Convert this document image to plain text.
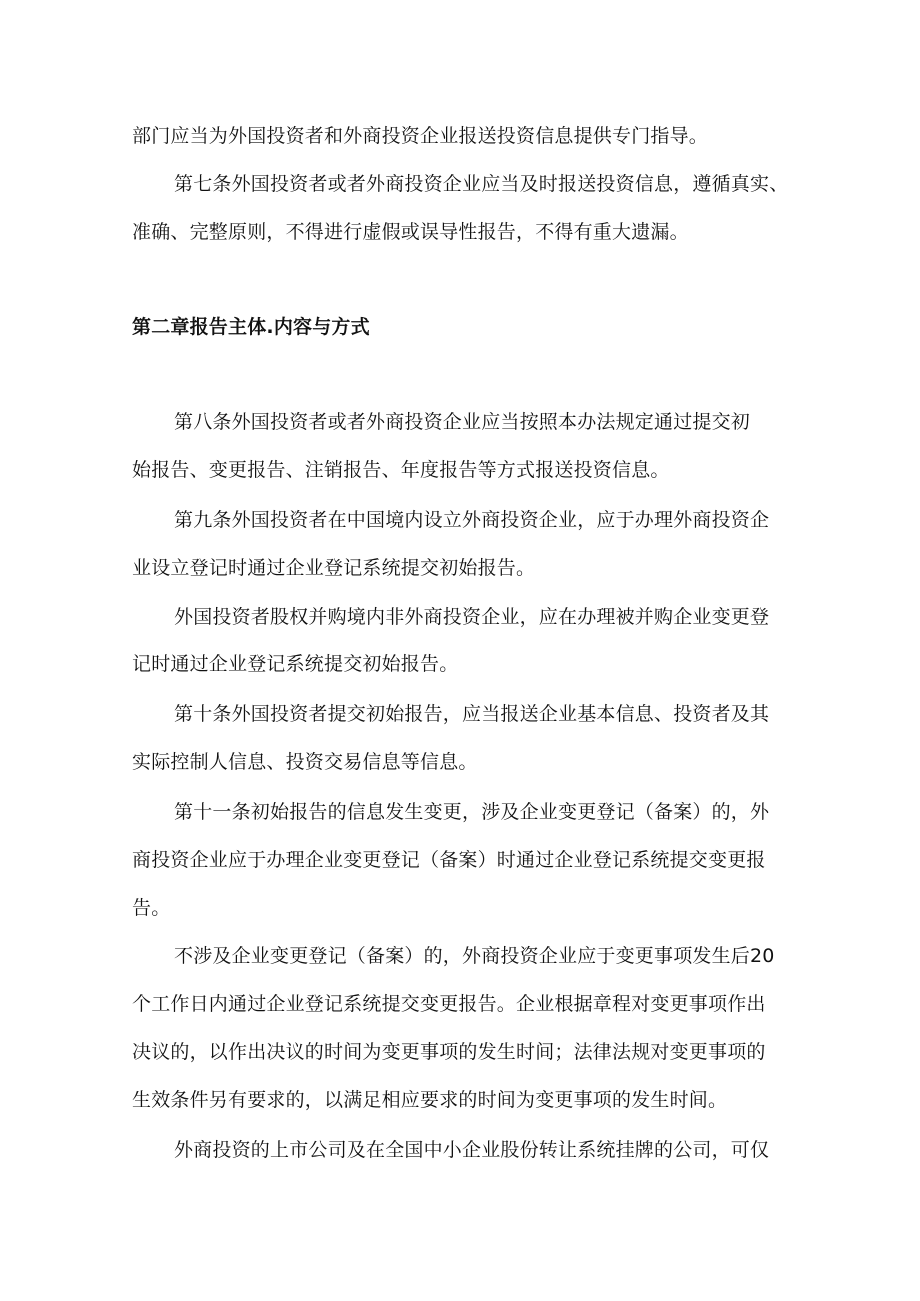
部门应当为外国投资者和外商投资企业报送投资信息提供专门指导。
第七条外国投资者或者外商投资企业应当及时报送投资信息，遵循真实、
准确、完整原则，不得进行虚假或误导性报告，不得有重大遗漏。
第二章报告主体.内容与方式
第八条外国投资者或者外商投资企业应当按照本办法规定通过提交初
始报告、变更报告、注销报告、年度报告等方式报送投资信息。
第九条外国投资者在中国境内设立外商投资企业，应于办理外商投资企
业设立登记时通过企业登记系统提交初始报告。
外国投资者股权并购境内非外商投资企业，应在办理被并购企业变更登
记时通过企业登记系统提交初始报告。
第十条外国投资者提交初始报告，应当报送企业基本信息、投资者及其
实际控制人信息、投资交易信息等信息。
第十一条初始报告的信息发生变更，涉及企业变更登记（备案）的，外
商投资企业应于办理企业变更登记（备案）时通过企业登记系统提交变更报
告。
不涉及企业变更登记（备案）的，外商投资企业应于变更事项发生后20
个工作日内通过企业登记系统提交变更报告。企业根据章程对变更事项作出
决议的，以作出决议的时间为变更事项的发生时间；法律法规对变更事项的
生效条件另有要求的，以满足相应要求的时间为变更事项的发生时间。
外商投资的上市公司及在全国中小企业股份转让系统挂牌的公司，可仅
